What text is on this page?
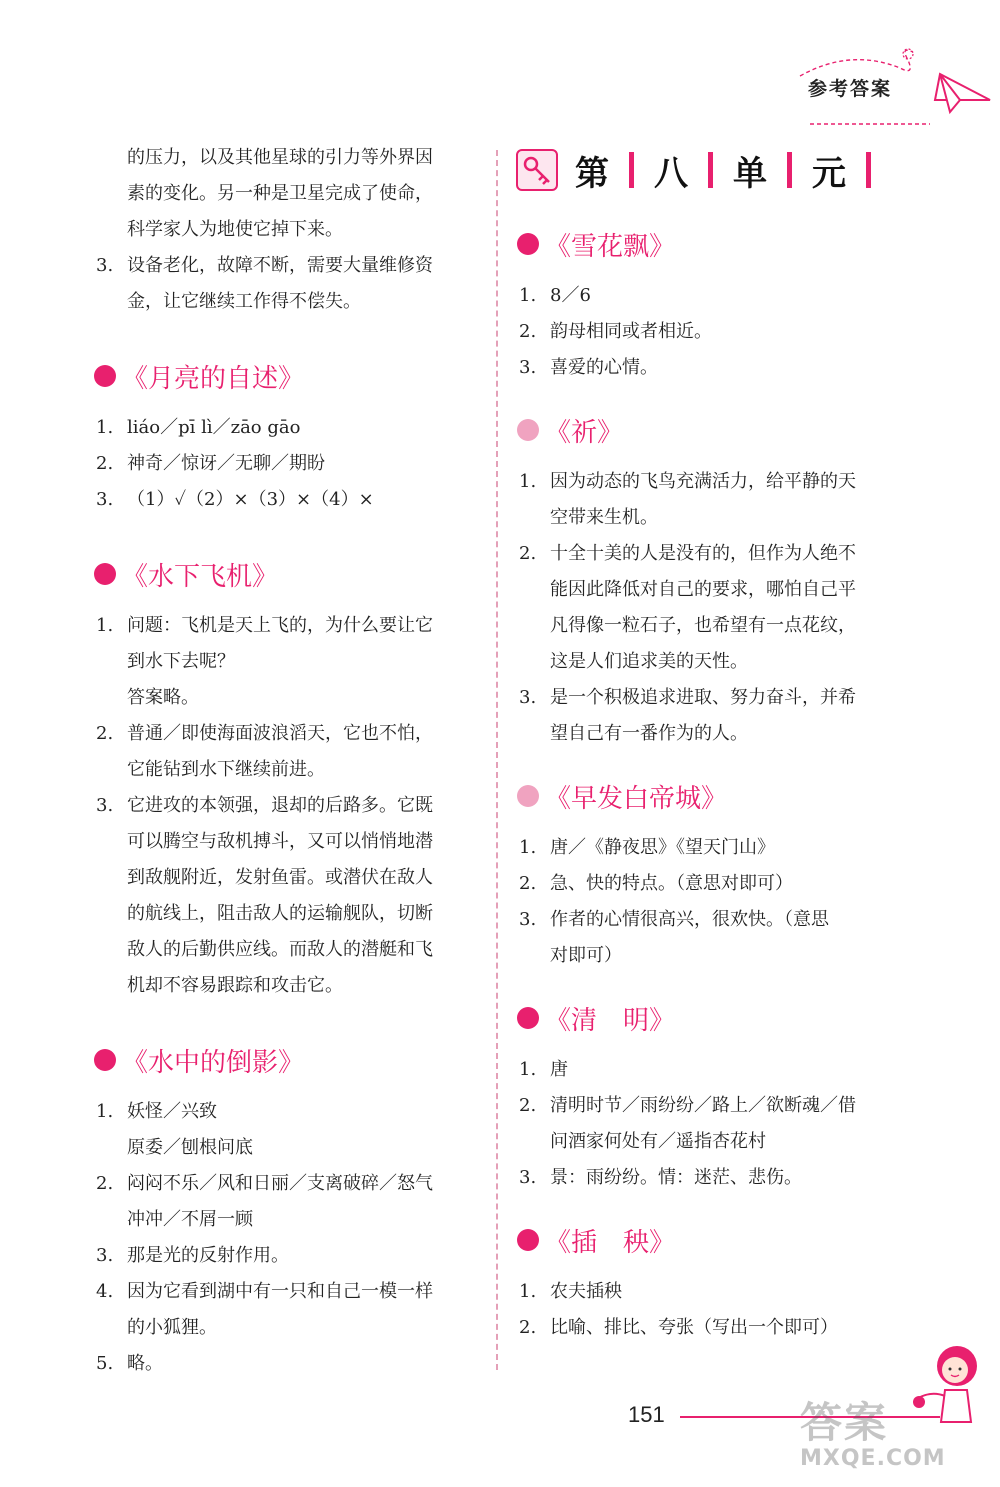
参考答案
的压力，以及其他星球的引力等外界因
素的变化。另一种是卫星完成了使命，
科学家人为地使它掉下来。
3. 设备老化，故障不断，需要大量维修资
金，让它继续工作得不偿失。
《月亮的自述》
1. liáo／pī lì／zāo gāo
2. 神奇／惊讶／无聊／期盼
3. （1）✓（2）×（3）×（4）×
《水下飞机》
1. 问题：飞机是天上飞的，为什么要让它
到水下去呢？
答案略。
2. 普通／即使海面波浪滔天，它也不怕，
它能钻到水下继续前进。
3. 它进攻的本领强，退却的后路多。它既
可以腾空与敌机搏斗，又可以悄悄地潜
到敌舰附近，发射鱼雷。或潜伏在敌人
的航线上，阻击敌人的运输舰队，切断
敌人的后勤供应线。而敌人的潜艇和飞
机却不容易跟踪和攻击它。
《水中的倒影》
1. 妖怪／兴致
原委／刨根问底
2. 闷闷不乐／风和日丽／支离破碎／怒气
冲冲／不屑一顾
3. 那是光的反射作用。
4. 因为它看到湖中有一只和自己一模一样
的小狐狸。
5. 略。
第 八 单 元
《雪花飘》
1. 8／6
2. 韵母相同或者相近。
3. 喜爱的心情。
《祈》
1. 因为动态的飞鸟充满活力，给平静的天
空带来生机。
2. 十全十美的人是没有的，但作为人绝不
能因此降低对自己的要求，哪怕自己平
凡得像一粒石子，也希望有一点花纹，
这是人们追求美的天性。
3. 是一个积极追求进取、努力奋斗，并希
望自己有一番作为的人。
《早发白帝城》
1. 唐／《静夜思》《望天门山》
2. 急、快的特点。（意思对即可）
3. 作者的心情很高兴，很欢快。（意思
对即可）
《清　明》
1. 唐
2. 清明时节／雨纷纷／路上／欲断魂／借
问酒家何处有／遥指杏花村
3. 景：雨纷纷。情：迷茫、悲伤。
《插　秧》
1. 农夫插秧
2. 比喻、排比、夸张（写出一个即可）
151	答案
MXQE.COM
